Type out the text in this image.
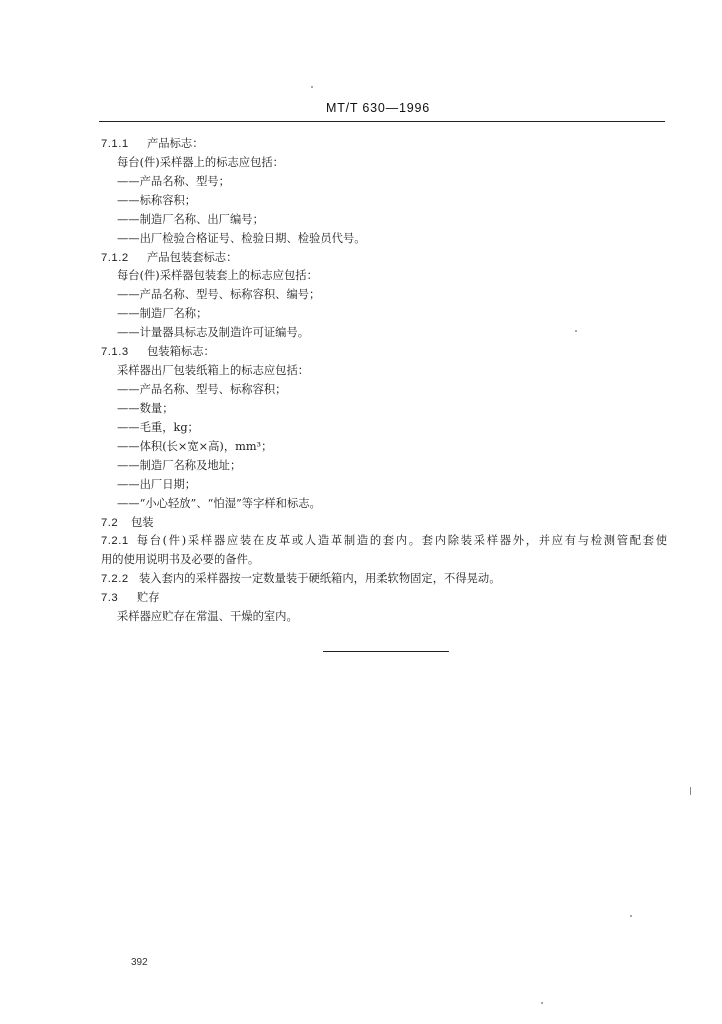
MT/T 630—1996
7.1.1 产品标志：
每台(件)采样器上的标志应包括：
——产品名称、型号；
——标称容积；
——制造厂名称、出厂编号；
——出厂检验合格证号、检验日期、检验员代号。
7.1.2 产品包装套标志：
每台(件)采样器包装套上的标志应包括：
——产品名称、型号、标称容积、编号；
——制造厂名称；
——计量器具标志及制造许可证编号。
7.1.3 包装箱标志：
采样器出厂包装纸箱上的标志应包括：
——产品名称、型号、标称容积；
——数量；
——毛重，kg；
——体积(长×宽×高)，mm³；
——制造厂名称及地址；
——出厂日期；
——“小心轻放”、“怕湿”等字样和标志。
7.2 包装
7.2.1 每台(件)采样器应装在皮革或人造革制造的套内。套内除装采样器外，并应有与检测管配套使
用的使用说明书及必要的备件。
7.2.2 装入套内的采样器按一定数量装于硬纸箱内，用柔软物固定，不得晃动。
7.3 贮存
采样器应贮存在常温、干燥的室内。
392
